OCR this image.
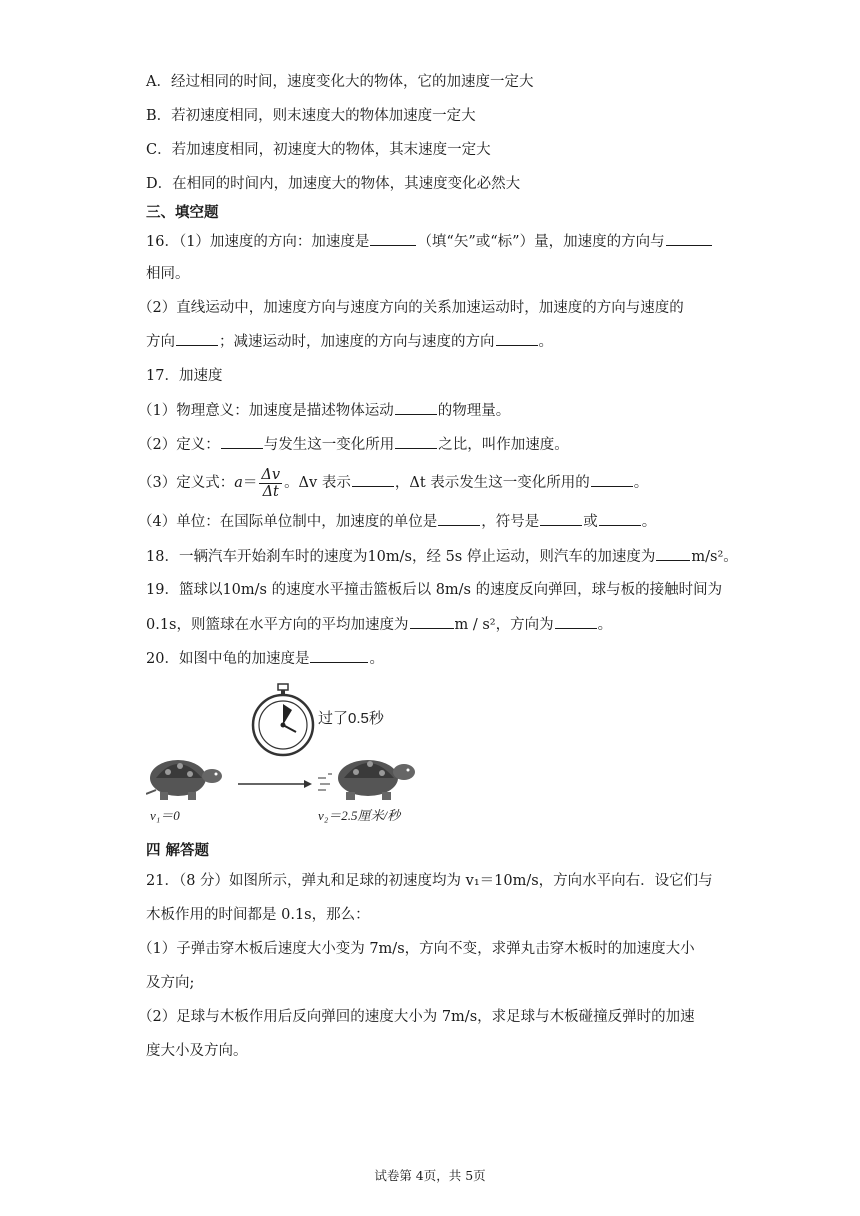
A．经过相同的时间，速度变化大的物体，它的加速度一定大
B．若初速度相同，则末速度大的物体加速度一定大
C．若加速度相同，初速度大的物体，其末速度一定大
D．在相同的时间内，加速度大的物体，其速度变化必然大
三、填空题
16．（1）加速度的方向：加速度是	（填“矢”或“标”）量，加速度的方向与
相同。
（2）直线运动中，加速度方向与速度方向的关系加速运动时，加速度的方向与速度的
方向	；减速运动时，加速度的方向与速度的方向	。
17．加速度
（1）物理意义：加速度是描述物体运动	的物理量。
（2）定义：	与发生这一变化所用	之比，叫作加速度。
（3）定义式：$a= \frac{\Delta v}{\Delta t}$ 。Δv 表示	，Δt 表示发生这一变化所用的	。
（4）单位：在国际单位制中，加速度的单位是	，符号是	或	。
18．一辆汽车开始刹车时的速度为10m/s，经 5s 停止运动，则汽车的加速度为 m/s²。
19．篮球以10m/s 的速度水平撞击篮板后以 8m/s 的速度反向弹回，球与板的接触时间为
0.1s，则篮球在水平方向的平均加速度为	m / s²，方向为	。
20．如图中龟的加速度是	。
过了0.5秒
v₁＝0	v₂＝2.5厘米/秒
四 解答题
21．（8 分）如图所示，弹丸和足球的初速度均为 v₁＝10m/s，方向水平向右．设它们与
木板作用的时间都是 0.1s，那么：
（1）子弹击穿木板后速度大小变为 7m/s，方向不变，求弹丸击穿木板时的加速度大小
及方向;
（2）足球与木板作用后反向弹回的速度大小为 7m/s，求足球与木板碰撞反弹时的加速
度大小及方向。
试卷第 4页，共 5页
